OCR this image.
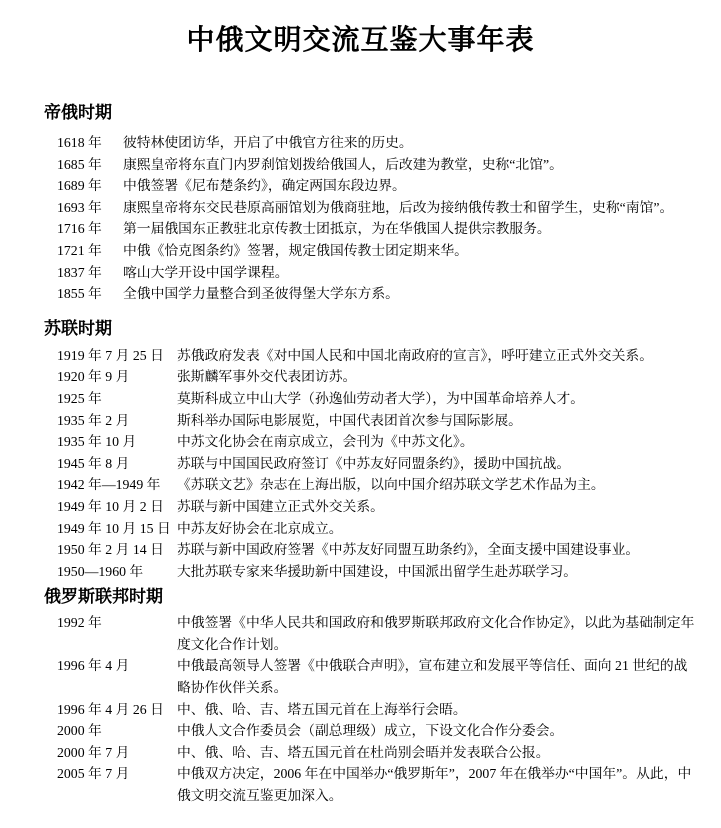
中俄文明交流互鉴大事年表
帝俄时期
1618 年	彼特林使团访华，开启了中俄官方往来的历史。
1685 年	康熙皇帝将东直门内罗刹馆划拨给俄国人，后改建为教堂，史称“北馆”。
1689 年	中俄签署《尼布楚条约》，确定两国东段边界。
1693 年	康熙皇帝将东交民巷原高丽馆划为俄商驻地，后改为接纳俄传教士和留学生，史称“南馆”。
1716 年	第一届俄国东正教驻北京传教士团抵京，为在华俄国人提供宗教服务。
1721 年	中俄《恰克图条约》签署，规定俄国传教士团定期来华。
1837 年	喀山大学开设中国学课程。
1855 年	全俄中国学力量整合到圣彼得堡大学东方系。
苏联时期
1919 年 7 月 25 日 苏俄政府发表《对中国人民和中国北南政府的宣言》，呼吁建立正式外交关系。
1920 年 9 月	张斯麟军事外交代表团访苏。
1925 年	莫斯科成立中山大学（孙逸仙劳动者大学），为中国革命培养人才。
1935 年 2 月	斯科举办国际电影展览，中国代表团首次参与国际影展。
1935 年 10 月	中苏文化协会在南京成立，会刊为《中苏文化》。
1945 年 8 月	苏联与中国国民政府签订《中苏友好同盟条约》，援助中国抗战。
1942 年—1949 年	《苏联文艺》杂志在上海出版，以向中国介绍苏联文学艺术作品为主。
1949 年 10 月 2 日 苏联与新中国建立正式外交关系。
1949 年 10 月 15 日 中苏友好协会在北京成立。
1950 年 2 月 14 日 苏联与新中国政府签署《中苏友好同盟互助条约》，全面支援中国建设事业。
1950—1960 年	大批苏联专家来华援助新中国建设，中国派出留学生赴苏联学习。
俄罗斯联邦时期
1992 年	中俄签署《中华人民共和国政府和俄罗斯联邦政府文化合作协定》，以此为基础制定年度文化合作计划。
1996 年 4 月	中俄最高领导人签署《中俄联合声明》，宣布建立和发展平等信任、面向 21 世纪的战略协作伙伴关系。
1996 年 4 月 26 日 中、俄、哈、吉、塔五国元首在上海举行会晤。
2000 年	中俄人文合作委员会（副总理级）成立，下设文化合作分委会。
2000 年 7 月	中、俄、哈、吉、塔五国元首在杜尚别会晤并发表联合公报。
2005 年 7 月	中俄双方决定，2006 年在中国举办“俄罗斯年”，2007 年在俄举办“中国年”。从此，中俄文明交流互鉴更加深入。
